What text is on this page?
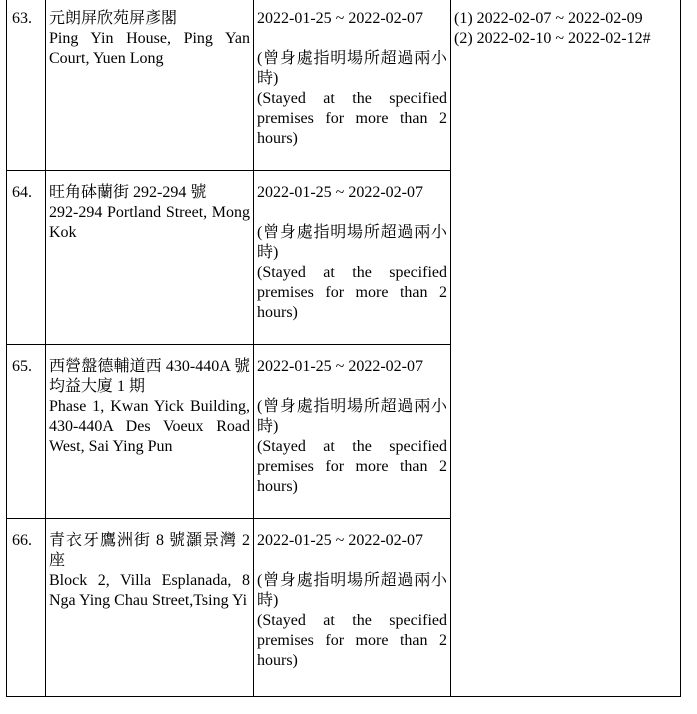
63.	元朗屏欣苑屏彥閣
Ping Yin House, Ping Yan Court, Yuen Long	2022-01-25 ~ 2022-02-07
(曾身處指明場所超過兩小時)
(Stayed at the specified premises for more than 2 hours)	(1) 2022-02-07 ~ 2022-02-09
(2) 2022-02-10 ~ 2022-02-12#

64.	旺角砵蘭街 292-294 號
292-294 Portland Street, Mong Kok	2022-01-25 ~ 2022-02-07
(曾身處指明場所超過兩小時)
(Stayed at the specified premises for more than 2 hours)	

65.	西營盤德輔道西 430-440A 號均益大廈 1 期
Phase 1, Kwan Yick Building, 430-440A Des Voeux Road West, Sai Ying Pun	2022-01-25 ~ 2022-02-07
(曾身處指明場所超過兩小時)
(Stayed at the specified premises for more than 2 hours)	

66.	青衣牙鷹洲街 8 號灝景灣 2 座
Block 2, Villa Esplanada, 8 Nga Ying Chau Street,Tsing Yi	2022-01-25 ~ 2022-02-07
(曾身處指明場所超過兩小時)
(Stayed at the specified premises for more than 2 hours)	
